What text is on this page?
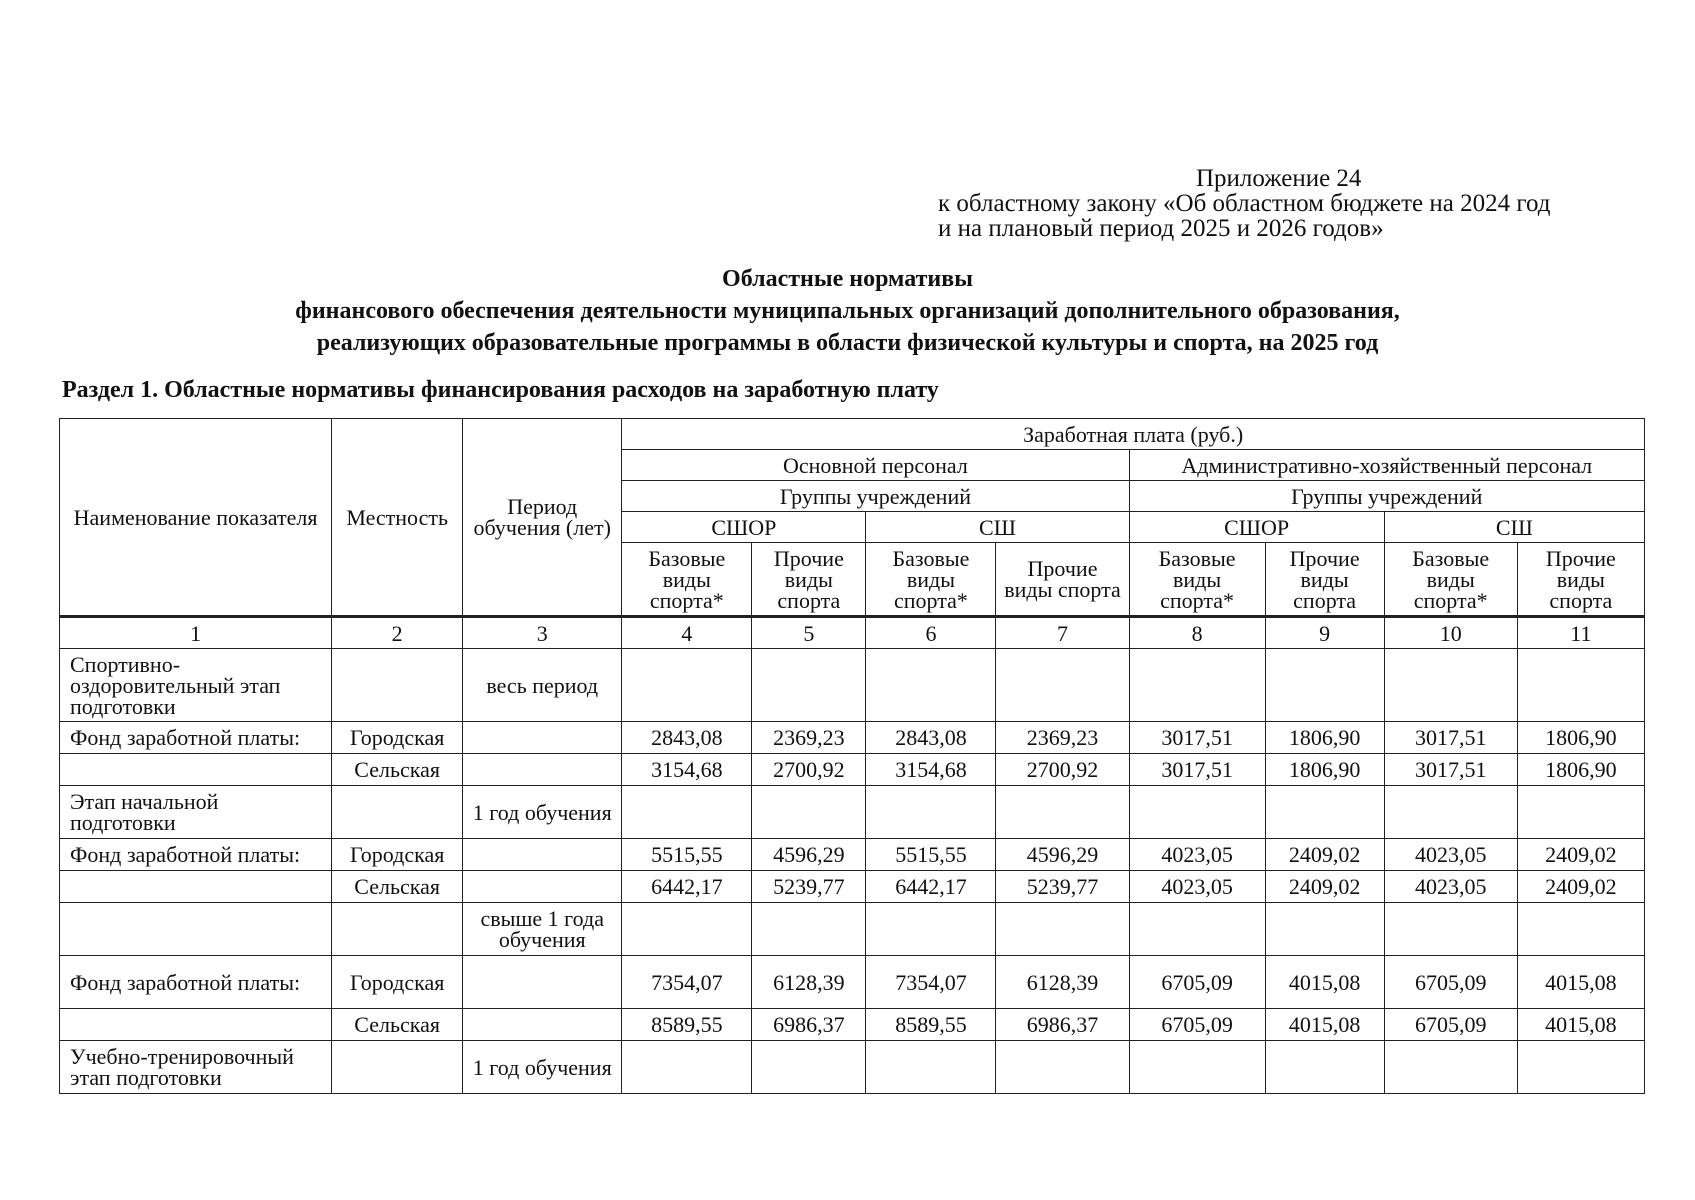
Приложение 24
к областному закону «Об областном бюджете на 2024 год
и на плановый период 2025 и 2026 годов»
Областные нормативы
финансового обеспечения деятельности муниципальных организаций дополнительного образования,
реализующих образовательные программы в области физической культуры и спорта, на 2025 год
Раздел 1. Областные нормативы финансирования расходов на заработную плату
Наименование показателя	Местность	Период обучения (лет)	Заработная плата (руб.)							
			Основной персонал				Административно-хозяйственный персонал			
			Группы учреждений				Группы учреждений			
			СШОР		СШ		СШОР		СШ	
			Базовые виды спорта*	Прочие виды спорта	Базовые виды спорта*	Прочие виды спорта	Базовые виды спорта*	Прочие виды спорта	Базовые виды спорта*	Прочие виды спорта
1	2	3	4	5	6	7	8	9	10	11
Спортивно-оздоровительный этап подготовки		весь период								
Фонд заработной платы:	Городская		2843,08	2369,23	2843,08	2369,23	3017,51	1806,90	3017,51	1806,90
	Сельская		3154,68	2700,92	3154,68	2700,92	3017,51	1806,90	3017,51	1806,90
Этап начальной подготовки		1 год обучения								
Фонд заработной платы:	Городская		5515,55	4596,29	5515,55	4596,29	4023,05	2409,02	4023,05	2409,02
	Сельская		6442,17	5239,77	6442,17	5239,77	4023,05	2409,02	4023,05	2409,02
		свыше 1 года обучения								
Фонд заработной платы:	Городская		7354,07	6128,39	7354,07	6128,39	6705,09	4015,08	6705,09	4015,08
	Сельская		8589,55	6986,37	8589,55	6986,37	6705,09	4015,08	6705,09	4015,08
Учебно-тренировочный этап подготовки		1 год обучения								
